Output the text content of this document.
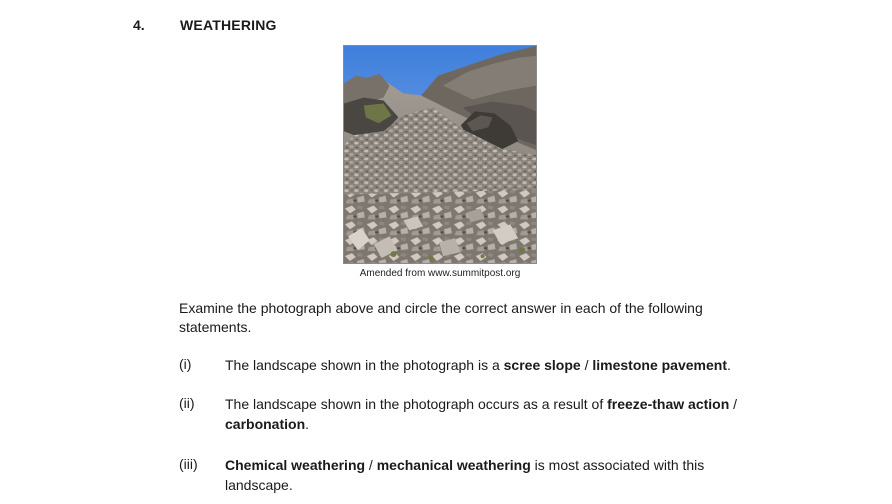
4.	WEATHERING
Amended from www.summitpost.org
Examine the photograph above and circle the correct answer in each of the following statements.
(i) The landscape shown in the photograph is a scree slope / limestone pavement.
(ii) The landscape shown in the photograph occurs as a result of freeze-thaw action / carbonation.
(iii) Chemical weathering / mechanical weathering is most associated with this landscape.
